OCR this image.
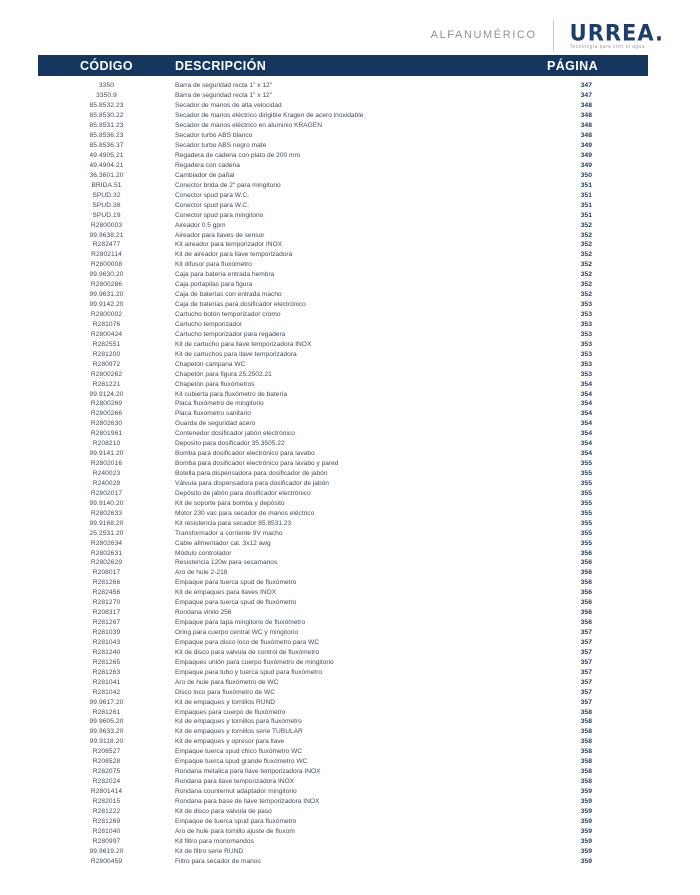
ALFANUMÉRICO URREA.
Tecnología para vivir el agua
CÓDIGO	DESCRIPCIÓN	PÁGINA
3350	Barra de seguridad recta 1" x 12"	347
3350.9	Barra de seguridad recta 1" x 12"	347
85.8532.23	Secador de manos de alta velocidad	348
85.8530.22	Secador de manos eléctrico dirigible Kragen de acero inoxidable	348
85.8531.23	Secador de manos eléctrico en aluminio KRAGEN	348
85.8536.23	Secador turbo ABS blanco	348
85.8536.37	Secador turbo ABS negro mate	349
49.4905.21	Regadera de cadena con plato de 200 mm	349
49.4904.21	Regadera con cadena	349
36.3601.20	Cambiador de pañal	350
BRIDA.51	Conector brida de 2" para mingitorio	351
SPUD.32	Conector spud para W.C.	351
SPUD.38	Conector spud para W.C.	351
SPUD.19	Conector spud para mingitorio	351
R2800003	Aireador 0.5 gpm	352
99.9638.21	Aireador para llaves de sensor	352
R282477	Kit aireador para temporizador INOX	352
R2802114	Kit de aireador para llave temporizadora	352
R2800008	Kit difusor para fluxómetro	352
99.9630.20	Caja para batería entrada hembra	352
R2800286	Caja portapilas para figura	352
99.9631.20	Caja de baterías con entrada macho	352
99.9142.20	Caja de baterías para dosificador electrónico	353
R2800002	Cartucho botón temporizador cromo	353
R281076	Cartucho temporizador	353
R2800424	Cartucho temporizador para regadera	353
R282551	Kit de cartucho para llave temporizadora INOX	353
R281200	Kit de cartuchos para llave temporizadora	353
R280972	Chapetón campana WC	353
R2800262	Chapetón para figura 25.2502.21	353
R281221	Chapetón para fluxómetros	354
99.9124.20	Kit cubierta para fluxómetro de batería	354
R2800269	Placa fluxómetro de mingitorio	354
R2800266	Placa fluxometro sanitario	354
R2802630	Guarda de seguridad acero	354
R2801961	Contenedor dosificador jabón electrónico	354
R208210	Deposito para dosificador 35.3505.22	354
99.9141.20	Bomba para dosificador electrónico para lavabo	354
R2802016	Bomba para dosificador electrónico para lavabo y pared	355
R240023	Botella para dispensadora para dosificador de jabón	355
R240029	Válvula para dispensadora para dosificador de jabón	355
R2802017	Depósito de jabón para dosificador electrónico	355
99.9140.20	Kit de soporte para bomba y depósito	355
R2802633	Motor 230 vac para secador de manos eléctrico	355
99.9168.20	Kit resistencia para secador 85.8531.23	355
25.2531.20	Transformador a corriente 9V macho	355
R2802634	Cable alimentador cal. 3x12 awg	355
R2802631	Módulo controlador	356
R2802629	Resistencia 120w para secamanos	356
R208017	Aro de hule 2-218	356
R281266	Empaque para tuerca spud de fluxómetro	356
R282456	Kit de empaques para llaves INOX	356
R281270	Empaque para tuerca spud de fluxómetro	356
R208317	Rondana vinilo 256	356
R281267	Empaque para tapa mingitorio de fluxómetro	356
R281039	Oring para cuerpo central WC y mingitorio	357
R281043	Empaque para disco loco de fluxómetro para WC	357
R281240	Kit de disco para valvula de control de fluxómetro	357
R281265	Empaques unión para cuerpo fluxómetro de mingitorio	357
R281263	Empaque para tubo y tuerca spud para fluxómetro	357
R281041	Aro de hule para fluxómetro de WC	357
R281042	Disco loco para fluxómetro de WC	357
99.9617.20	Kit de empaques y tornillos RUND	357
R281261	Empaques para cuerpo de fluxómetro	358
99.9605.20	Kit de empaques y tornillos para fluxómetro	358
99.9633.20	Kit de empaques y tornillos serie TUBULAR	358
99.9118.20	Kit de empaques y opresor para llave	358
R208527	Empaque tuerca spud chico fluxómetro WC	358
R208528	Empaque tuerca spud grande fluxómetro WC	358
R282075	Rondana metalica para llave temporizadora INOX	358
R282024	Rondana para llave temporizadora INOX	358
R2801414	Rondana counternut adaptador mingitorio	359
R282015	Rondana para base de llave temporizadora INOX	359
R281222	Kit de disco para valvula de paso	359
R281269	Empaque de tuerca spud para fluxómetro	359
R281040	Aro de hule para tornillo ajuste de fluxom	359
R280997	Kit filtro para monomandos	359
99.9619.20	Kit de filtro serie RUND	359
R2800459	Filtro para secador de manos	359
